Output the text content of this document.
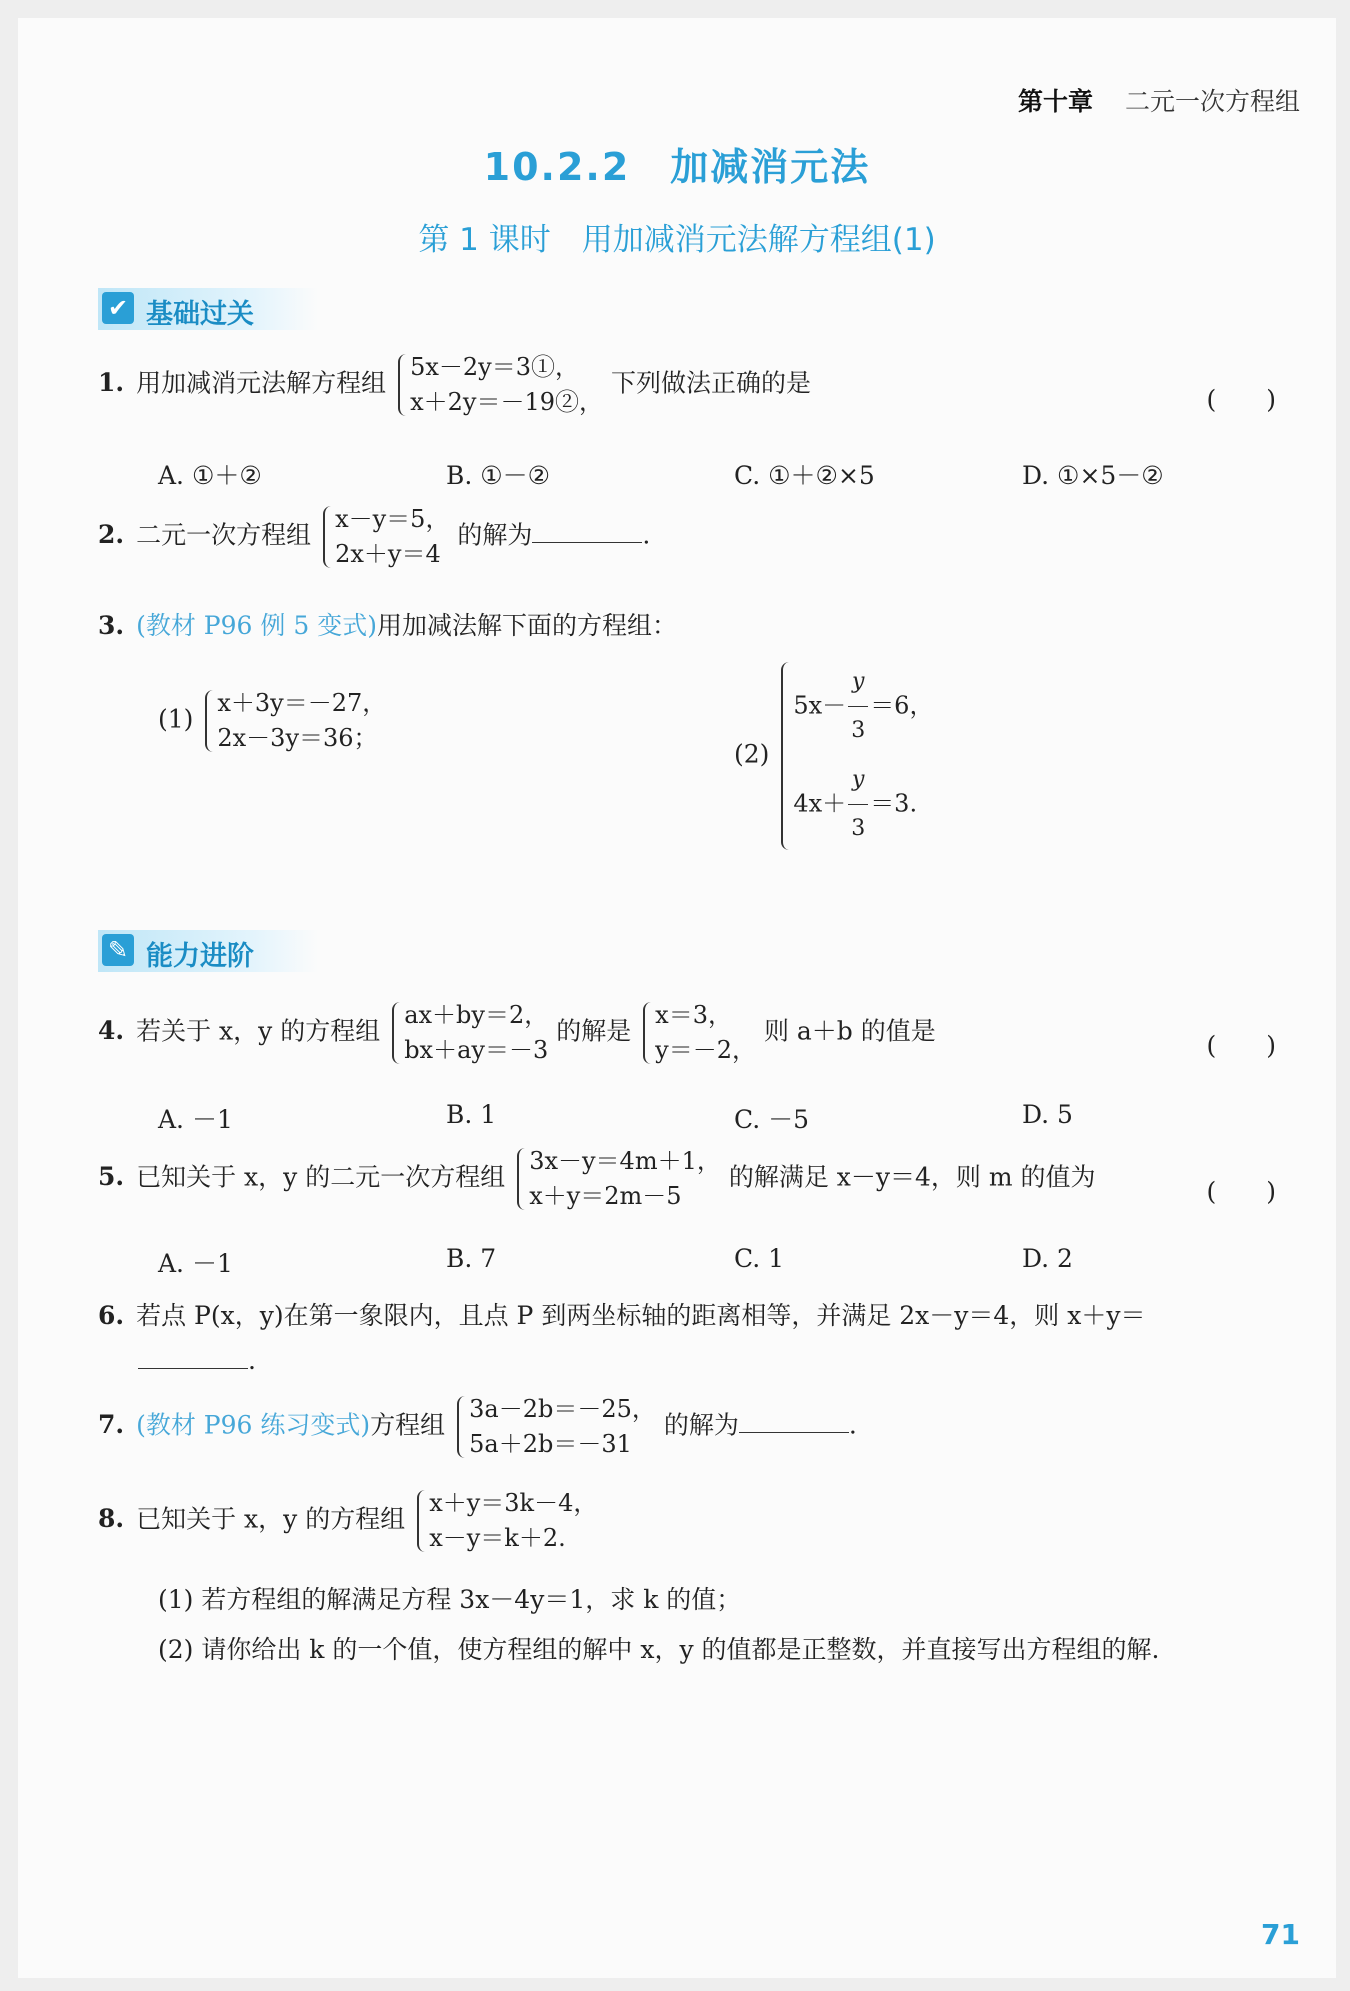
第十章 二元一次方程组
10.2.2　加减消元法
第 1 课时　用加减消元法解方程组(1)
✔ 基础过关
1. 用加减消元法解方程组
5x－2y＝3①，
x＋2y＝－19②，
下列做法正确的是
(　　)
A. ①＋②	B. ①－②	C. ①＋②×5	D. ①×5－②
2. 二元一次方程组
x－y＝5，
2x＋y＝4
的解为	.
3. (教材 P96 例 5 变式)用加减法解下面的方程组：
(1)
x＋3y＝－27，
2x－3y＝36；
(2)
$5x- \frac{y}{3} =6$，
$4x+ \frac{y}{3} =3$.
✎ 能力进阶
4. 若关于 x，y 的方程组
ax＋by＝2，
bx＋ay＝－3
的解是
x＝3，
y＝－2，
则 a＋b 的值是
(　　)
A. －1	B. 1	C. －5	D. 5
5. 已知关于 x，y 的二元一次方程组
3x－y＝4m＋1，
x＋y＝2m－5
的解满足 x－y＝4，则 m 的值为
(　　)
A. －1	B. 7	C. 1	D. 2
6. 若点 P(x，y)在第一象限内，且点 P 到两坐标轴的距离相等，并满足 2x－y＝4，则 x＋y＝
.
7. (教材 P96 练习变式)方程组
3a－2b＝－25，
5a＋2b＝－31
的解为	.
8. 已知关于 x，y 的方程组
x＋y＝3k－4，
x－y＝k＋2.
(1) 若方程组的解满足方程 3x－4y＝1，求 k 的值；
(2) 请你给出 k 的一个值，使方程组的解中 x，y 的值都是正整数，并直接写出方程组的解.
71
